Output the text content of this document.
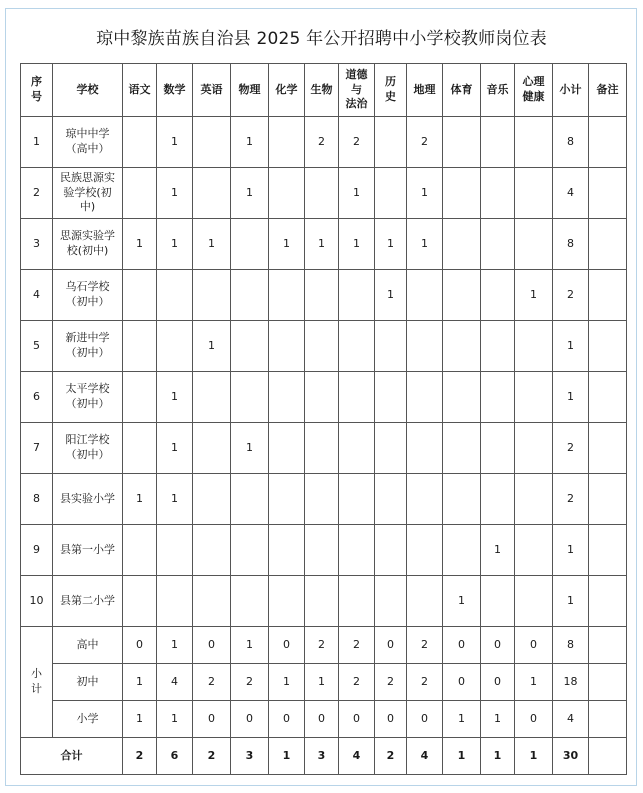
琼中黎族苗族自治县 2025 年公开招聘中小学校教师岗位表
序
号	学校	语文	数学	英语	物理	化学	生物	道德
与
法治	历
史	地理	体育	音乐	心理
健康	小计	备注
1	琼中中学
（高中）		1		1		2	2		2				8	
2	民族思源实
验学校(初
中)		1		1			1		1				4	
3	思源实验学
校(初中)	1	1	1		1	1	1	1	1				8	
4	乌石学校
（初中）								1				1	2	
5	新进中学
（初中）			1										1	
6	太平学校
（初中）		1											1	
7	阳江学校
（初中）		1		1									2	
8	县实验小学	1	1											2	
9	县第一小学											1		1	
10	县第二小学										1			1	

小
计	高中	0	1	0	1	0	2	2	0	2	0	0	0	8	
	初中	1	4	2	2	1	1	2	2	2	0	0	1	18	
	小学	1	1	0	0	0	0	0	0	0	1	1	0	4	
合计		2	6	2	3	1	3	4	2	4	1	1	1	30	
